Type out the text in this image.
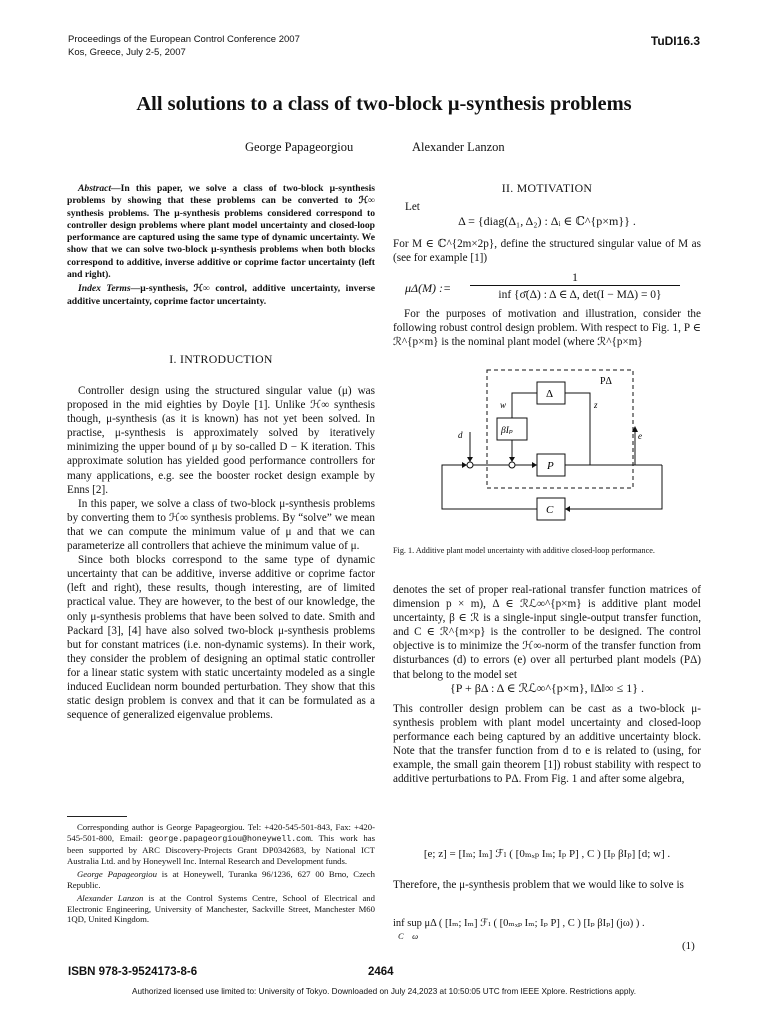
Proceedings of the European Control Conference 2007
Kos, Greece, July 2-5, 2007
TuDI16.3
All solutions to a class of two-block μ-synthesis problems
George Papageorgiou	Alexander Lanzon
Abstract—In this paper, we solve a class of two-block μ-synthesis problems by showing that these problems can be converted to ℋ∞ synthesis problems. The μ-synthesis problems considered correspond to controller design problems where plant model uncertainty and closed-loop performance are captured using the same type of dynamic uncertainty. We show that we can solve two-block μ-synthesis problems when both blocks correspond to additive, inverse additive or coprime factor uncertainty (left and right).
Index Terms—μ-synthesis, ℋ∞ control, additive uncertainty, inverse additive uncertainty, coprime factor uncertainty.
I. INTRODUCTION

Controller design using the structured singular value (μ) was proposed in the mid eighties by Doyle [1]. Unlike ℋ∞ synthesis though, μ-synthesis (as it is known) has not yet been solved. In practise, μ-synthesis is approximately solved by iteratively minimizing the upper bound of μ by so-called D − K iteration. This approximate solution has yielded good performance controllers for many applications, e.g. see the booster rocket design example by Enns [2].

In this paper, we solve a class of two-block μ-synthesis problems by converting them to ℋ∞ synthesis problems. By “solve” we mean that we can compute the minimum value of μ and that we can parameterize all controllers that achieve the minimum value of μ.

Since both blocks correspond to the same type of dynamic uncertainty that can be additive, inverse additive or coprime factor (left and right), these results, though interesting, are of limited practical value. They are however, to the best of our knowledge, the only μ-synthesis problems that have been solved to date. Smith and Packard [3], [4] have also solved two-block μ-synthesis problems but for constant matrices (i.e. non-dynamic systems). In their work, they consider the problem of designing an optimal static controller for a linear static system with static uncertainty modeled as a single induced Euclidean norm bounded perturbation. They show that this static design problem is convex and that it can be formulated as a sequence of generalized eigenvalue problems.

Corresponding author is George Papageorgiou. Tel: +420-545-501-843, Fax: +420-545-501-800, Email: george.papageorgiou@honeywell.com. This work has been supported by ARC Discovery-Projects Grant DP0342683, by National ICT Australia Ltd. and by Honeywell Inc. Internal Research and Development funds.

George Papageorgiou is at Honeywell, Turanka 96/1236, 627 00 Brno, Czech Republic.

Alexander Lanzon is at the Control Systems Centre, School of Electrical and Electronic Engineering, University of Manchester, Sackville Street, Manchester M60 1QD, United Kingdom.

II. MOTIVATION
Let
Δ = {diag(Δ₁, Δ₂) : Δᵢ ∈ ℂ^{p×m}} .
For M ∈ ℂ^{2m×2p}, define the structured singular value of M as (see for example [1])
μΔ(M) :=
1
inf {σ̄(Δ) : Δ ∈ Δ, det(I − MΔ) = 0}

For the purposes of motivation and illustration, consider the following robust control design problem. With respect to Fig. 1, P ∈ ℛ^{p×m} is the nominal plant model (where ℛ^{p×m}

PΔ
Δ
βIₚ
P
C
w	z
e
d
Fig. 1. Additive plant model uncertainty with additive closed-loop performance.
denotes the set of proper real-rational transfer function matrices of dimension p × m), Δ ∈ ℛℒ∞^{p×m} is additive plant model uncertainty, β ∈ ℛ is a single-input single-output transfer function, and C ∈ ℛ^{m×p} is the controller to be designed. The control objective is to minimize the ℋ∞-norm of the transfer function from disturbances (d) to errors (e) over all perturbed plant models (PΔ) that belong to the model set
{P + βΔ : Δ ∈ ℛℒ∞^{p×m}, ‖Δ‖∞ ≤ 1} .
This controller design problem can be cast as a two-block μ-synthesis problem with plant model uncertainty and closed-loop performance each being captured by an additive uncertainty block. Note that the transfer function from d to e is related to (using, for example, the small gain theorem [1]) robust stability with respect to additive perturbations to PΔ. From Fig. 1 and after some algebra,
[e; z] = [Iₘ; Iₘ] ℱₗ ( [0ₘₓₚ Iₘ; Iₚ P] , C ) [Iₚ βIₚ] [d; w] .
Therefore, the μ-synthesis problem that we would like to solve is
inf sup μΔ ( [Iₘ; Iₘ] ℱₗ ( [0ₘₓₚ Iₘ; Iₚ P] , C ) [Iₚ βIₚ] (jω) ) .
C    ω
(1)
ISBN 978-3-9524173-8-6	2464
Authorized licensed use limited to: University of Tokyo. Downloaded on July 24,2023 at 10:50:05 UTC from IEEE Xplore. Restrictions apply.
